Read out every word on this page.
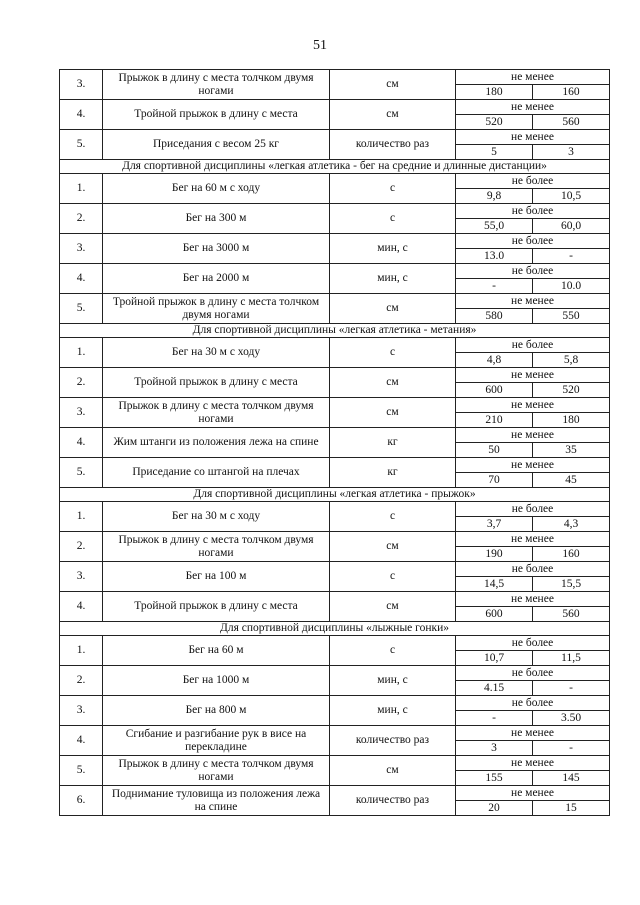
51
3.	Прыжок в длину с места толчком двумя ногами	см	не менее
180 160

4.	Тройной прыжок в длину с места	см	не менее
520 560

5.	Приседания с весом 25 кг	количество раз	не менее
5 3

Для спортивной дисциплины «легкая атлетика - бег на средние и длинные дистанции»			
1.	Бег на 60 м с ходу	с	не более
9,8 10,5

2.	Бег на 300 м	с	не более
55,0 60,0

3.	Бег на 3000 м	мин, с	не более
13.0 -

4.	Бег на 2000 м	мин, с	не более
- 10.0

5.	Тройной прыжок в длину с места толчком двумя ногами	см	не менее
580 550

Для спортивной дисциплины «легкая атлетика - метания»			
1.	Бег на 30 м с ходу	с	не более
4,8 5,8

2.	Тройной прыжок в длину с места	см	не менее
600 520

3.	Прыжок в длину с места толчком двумя ногами	см	не менее
210 180

4.	Жим штанги из положения лежа на спине	кг	не менее
50 35

5.	Приседание со штангой на плечах	кг	не менее
70 45

Для спортивной дисциплины «легкая атлетика - прыжок»			
1.	Бег на 30 м с ходу	с	не более
3,7 4,3

2.	Прыжок в длину с места толчком двумя ногами	см	не менее
190 160

3.	Бег на 100 м	с	не более
14,5 15,5

4.	Тройной прыжок в длину с места	см	не менее
600 560

Для спортивной дисциплины «лыжные гонки»			
1.	Бег на 60 м	с	не более
10,7 11,5

2.	Бег на 1000 м	мин, с	не более
4.15 -

3.	Бег на 800 м	мин, с	не более
- 3.50

4.	Сгибание и разгибание рук в висе на перекладине	количество раз	не менее
3 -

5.	Прыжок в длину с места толчком двумя ногами	см	не менее
155 145

6.	Поднимание туловища из положения лежа на спине	количество раз	не менее
20 15
